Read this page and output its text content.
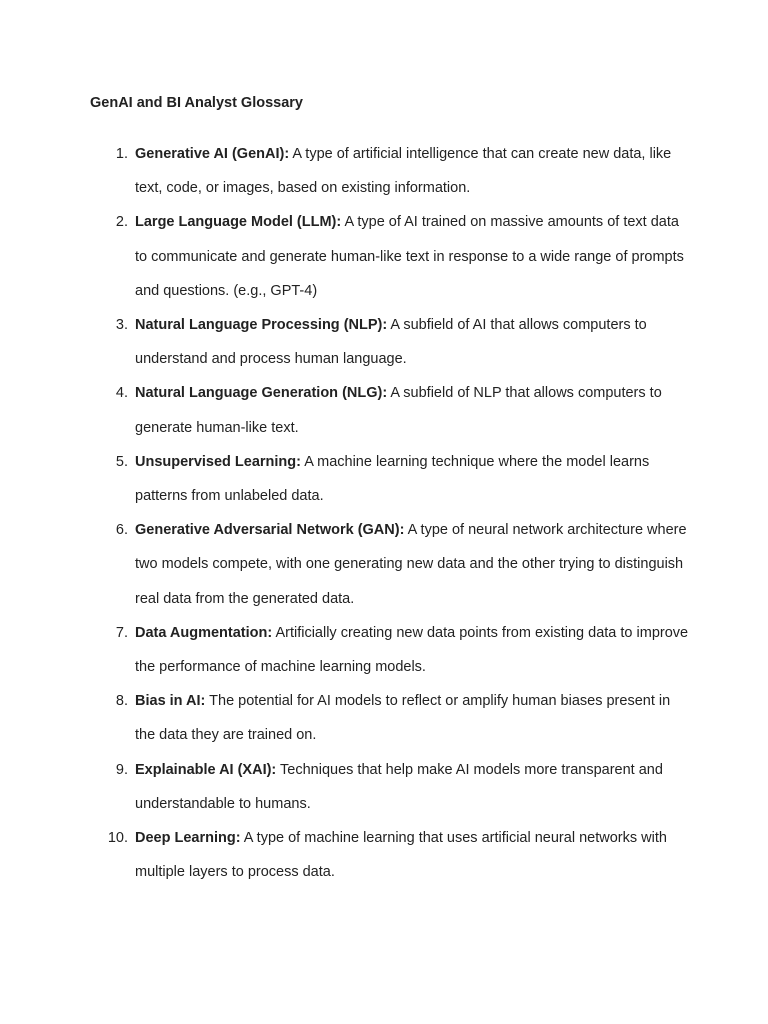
GenAI and BI Analyst Glossary
1. Generative AI (GenAI): A type of artificial intelligence that can create new data, like text, code, or images, based on existing information.
2. Large Language Model (LLM): A type of AI trained on massive amounts of text data to communicate and generate human-like text in response to a wide range of prompts and questions. (e.g., GPT-4)
3. Natural Language Processing (NLP): A subfield of AI that allows computers to understand and process human language.
4. Natural Language Generation (NLG): A subfield of NLP that allows computers to generate human-like text.
5. Unsupervised Learning: A machine learning technique where the model learns patterns from unlabeled data.
6. Generative Adversarial Network (GAN): A type of neural network architecture where two models compete, with one generating new data and the other trying to distinguish real data from the generated data.
7. Data Augmentation: Artificially creating new data points from existing data to improve the performance of machine learning models.
8. Bias in AI: The potential for AI models to reflect or amplify human biases present in the data they are trained on.
9. Explainable AI (XAI): Techniques that help make AI models more transparent and understandable to humans.
10. Deep Learning: A type of machine learning that uses artificial neural networks with multiple layers to process data.
